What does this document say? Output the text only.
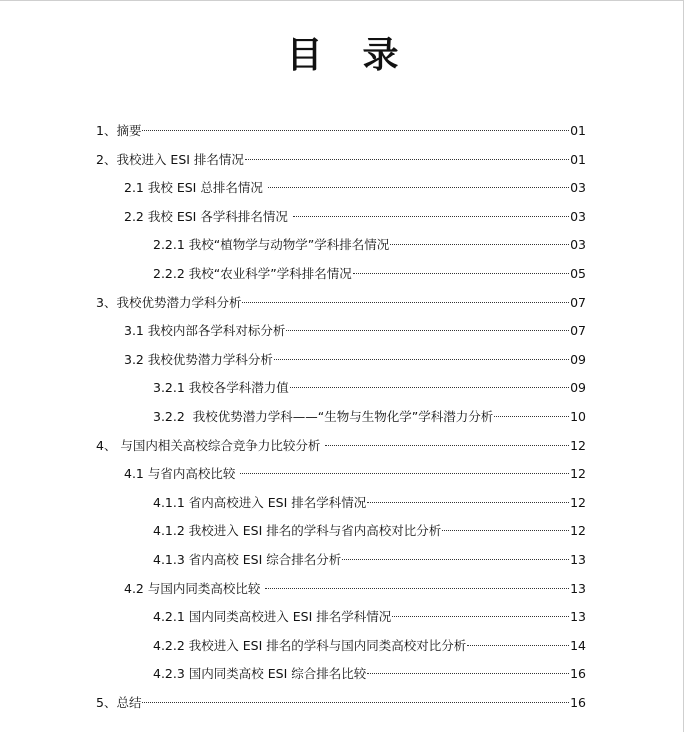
目录
1、摘要	01
2、我校进入 ESI 排名情况	01
2.1 我校 ESI 总排名情况	03
2.2 我校 ESI 各学科排名情况	03
2.2.1 我校“植物学与动物学”学科排名情况	03
2.2.2 我校“农业科学”学科排名情况	05
3、我校优势潜力学科分析	07
3.1 我校内部各学科对标分析	07
3.2 我校优势潜力学科分析	09
3.2.1 我校各学科潜力值	09
3.2.2  我校优势潜力学科——“生物与生物化学”学科潜力分析	10
4、 与国内相关高校综合竞争力比较分析	12
4.1 与省内高校比较	12
4.1.1 省内高校进入 ESI 排名学科情况	12
4.1.2 我校进入 ESI 排名的学科与省内高校对比分析	12
4.1.3 省内高校 ESI 综合排名分析	13
4.2 与国内同类高校比较	13
4.2.1 国内同类高校进入 ESI 排名学科情况	13
4.2.2 我校进入 ESI 排名的学科与国内同类高校对比分析	14
4.2.3 国内同类高校 ESI 综合排名比较	16
5、总结	16
